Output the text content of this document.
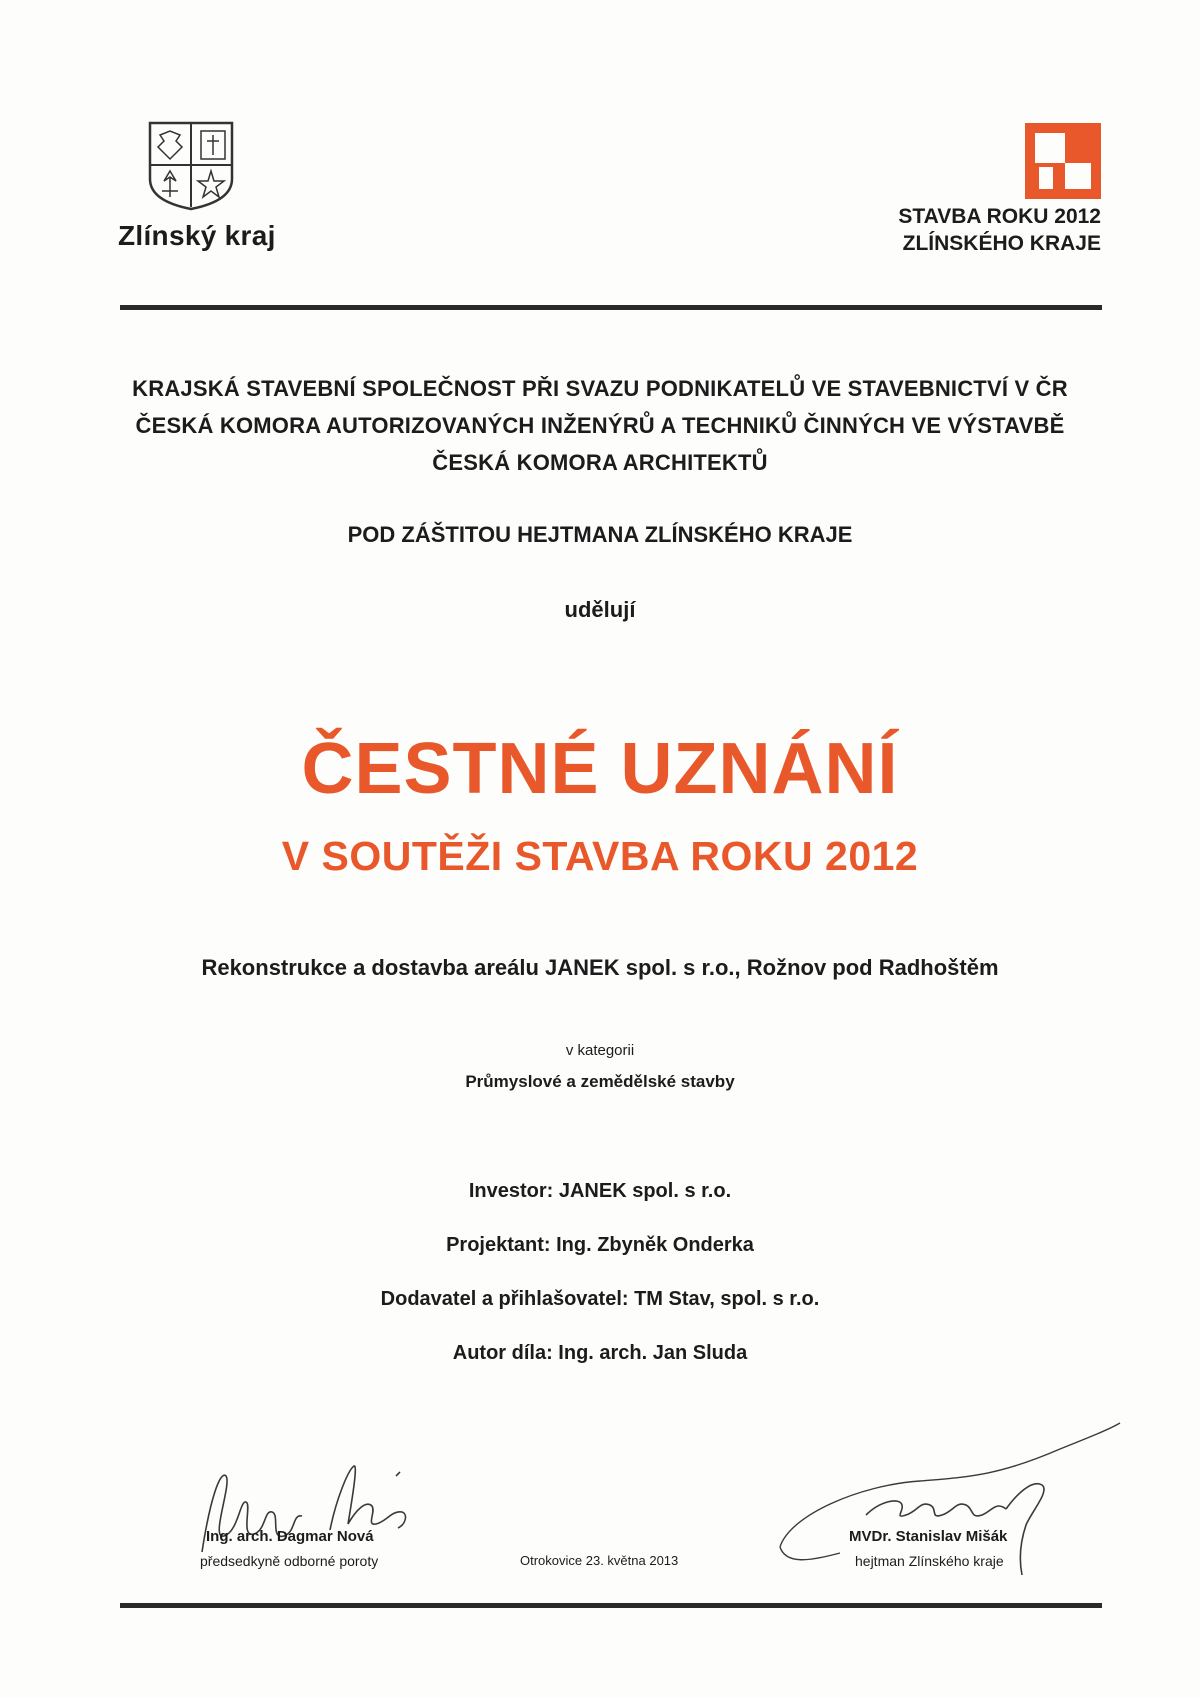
Zlínský kraj
STAVBA ROKU 2012
ZLÍNSKÉHO KRAJE
KRAJSKÁ STAVEBNÍ SPOLEČNOST PŘI SVAZU PODNIKATELŮ VE STAVEBNICTVÍ V ČR
ČESKÁ KOMORA AUTORIZOVANÝCH INŽENÝRŮ A TECHNIKŮ ČINNÝCH VE VÝSTAVBĚ
ČESKÁ KOMORA ARCHITEKTŮ
POD ZÁŠTITOU HEJTMANA ZLÍNSKÉHO KRAJE
udělují
ČESTNÉ UZNÁNÍ
V SOUTĚŽI STAVBA ROKU 2012
Rekonstrukce a dostavba areálu JANEK spol. s r.o., Rožnov pod Radhoštěm
v kategorii
Průmyslové a zemědělské stavby
Investor: JANEK spol. s r.o.
Projektant: Ing. Zbyněk Onderka
Dodavatel a přihlašovatel: TM Stav, spol. s r.o.
Autor díla: Ing. arch. Jan Sluda
Ing. arch. Dagmar Nová
předsedkyně odborné poroty	Otrokovice 23. května 2013
MVDr. Stanislav Mišák
hejtman Zlínského kraje
